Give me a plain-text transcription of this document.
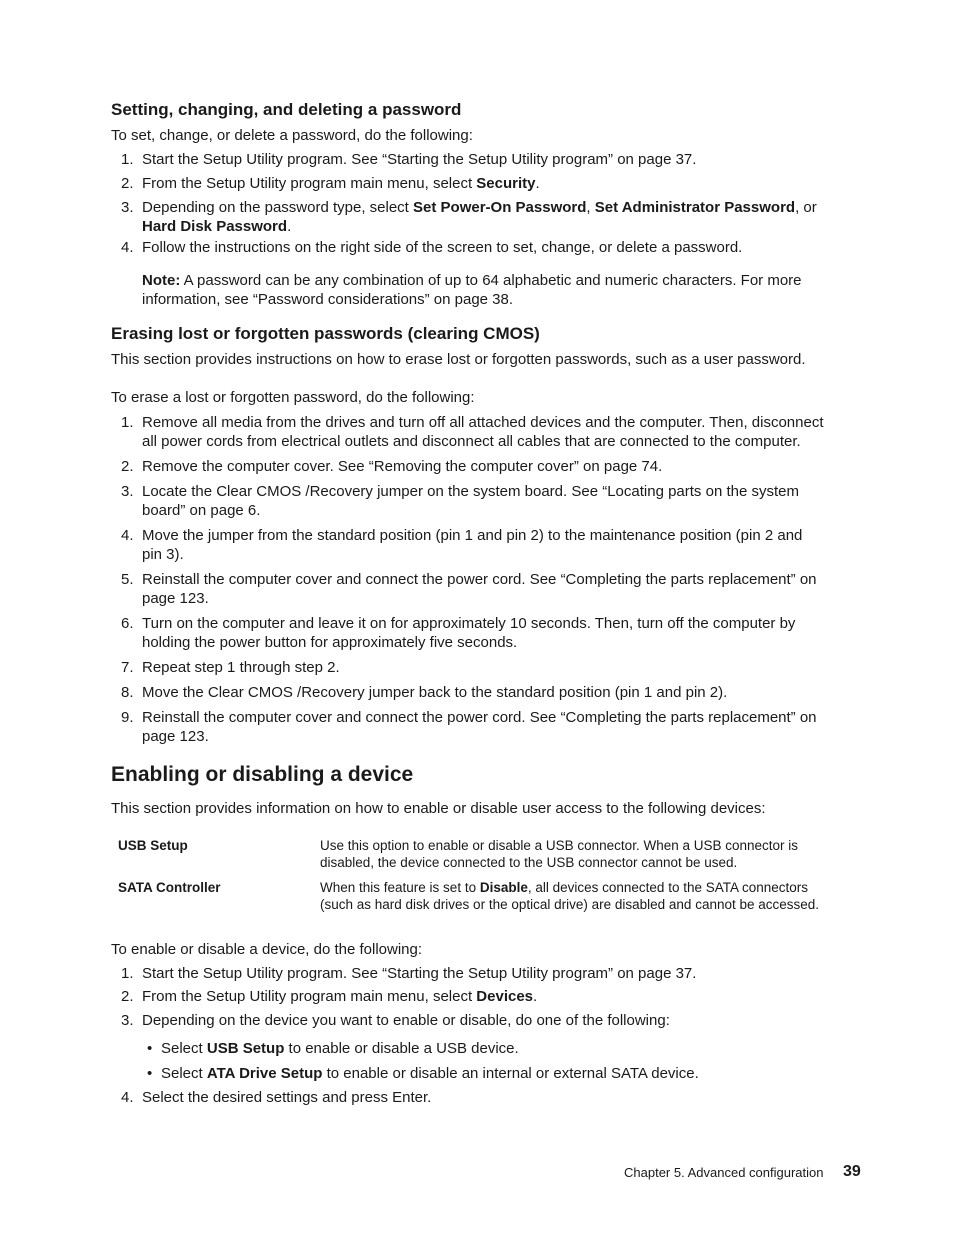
Setting, changing, and deleting a password

To set, change, or delete a password, do the following:

1. Start the Setup Utility program. See “Starting the Setup Utility program” on page 37.
2. From the Setup Utility program main menu, select Security.
3. Depending on the password type, select Set Power-On Password, Set Administrator Password, or
Hard Disk Password.
4. Follow the instructions on the right side of the screen to set, change, or delete a password.

Note: A password can be any combination of up to 64 alphabetic and numeric characters. For more
information, see “Password considerations” on page 38.

Erasing lost or forgotten passwords (clearing CMOS)

This section provides instructions on how to erase lost or forgotten passwords, such as a user password.

To erase a lost or forgotten password, do the following:

1. Remove all media from the drives and turn off all attached devices and the computer. Then, disconnect
all power cords from electrical outlets and disconnect all cables that are connected to the computer.
2. Remove the computer cover. See “Removing the computer cover” on page 74.
3. Locate the Clear CMOS /Recovery jumper on the system board. See “Locating parts on the system
board” on page 6.
4. Move the jumper from the standard position (pin 1 and pin 2) to the maintenance position (pin 2 and
pin 3).
5. Reinstall the computer cover and connect the power cord. See “Completing the parts replacement” on
page 123.
6. Turn on the computer and leave it on for approximately 10 seconds. Then, turn off the computer by
holding the power button for approximately five seconds.
7. Repeat step 1 through step 2.
8. Move the Clear CMOS /Recovery jumper back to the standard position (pin 1 and pin 2).
9. Reinstall the computer cover and connect the power cord. See “Completing the parts replacement” on
page 123.
Enabling or disabling a device

This section provides information on how to enable or disable user access to the following devices:

USB Setup	Use this option to enable or disable a USB connector. When a USB connector is
disabled, the device connected to the USB connector cannot be used.
SATA Controller	When this feature is set to Disable, all devices connected to the SATA connectors
(such as hard disk drives or the optical drive) are disabled and cannot be accessed.

To enable or disable a device, do the following:

1. Start the Setup Utility program. See “Starting the Setup Utility program” on page 37.
2. From the Setup Utility program main menu, select Devices.
3. Depending on the device you want to enable or disable, do one of the following:
4. Select the desired settings and press Enter.
• Select USB Setup to enable or disable a USB device.
• Select ATA Drive Setup to enable or disable an internal or external SATA device.
Chapter 5. Advanced configuration 39
